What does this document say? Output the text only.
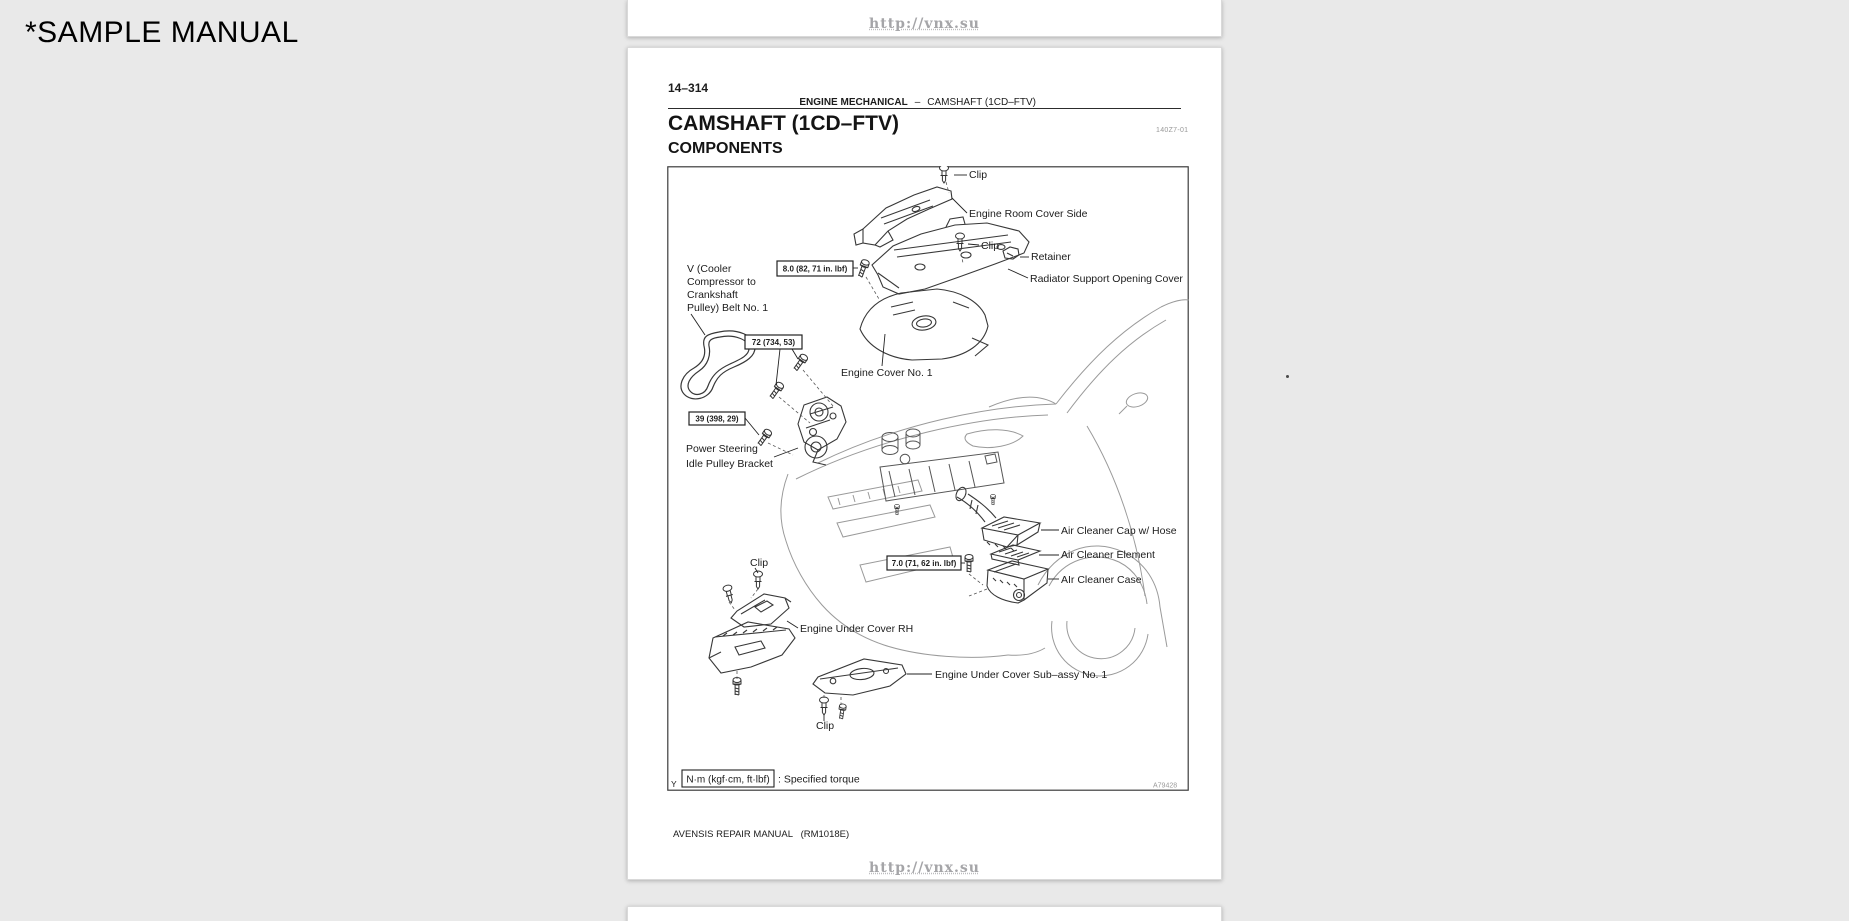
*SAMPLE MANUAL	http://vnx.su
14–314
ENGINE MECHANICAL – CAMSHAFT (1CD–FTV)
140Z7-01
CAMSHAFT (1CD–FTV)
COMPONENTS
8.0 (82, 71 in. lbf)
72 (734, 53)
39 (398, 29)
7.0 (71, 62 in. lbf)
Clip
Engine Room Cover Side
Clip
Retainer
Radiator Support Opening Cover
V (Cooler
Compressor to
Crankshaft
Pulley) Belt No. 1
Engine Cover No. 1
Power Steering
Idle Pulley Bracket
Air Cleaner Cap w/ Hose
Air Cleaner Element
AIr Cleaner Case
Clip
Engine Under Cover RH
Engine Under Cover Sub–assy No. 1
Clip
Y N·m (kgf·cm, ft·lbf) : Specified torque
A79428
AVENSIS REPAIR MANUAL   (RM1018E)
http://vnx.su
